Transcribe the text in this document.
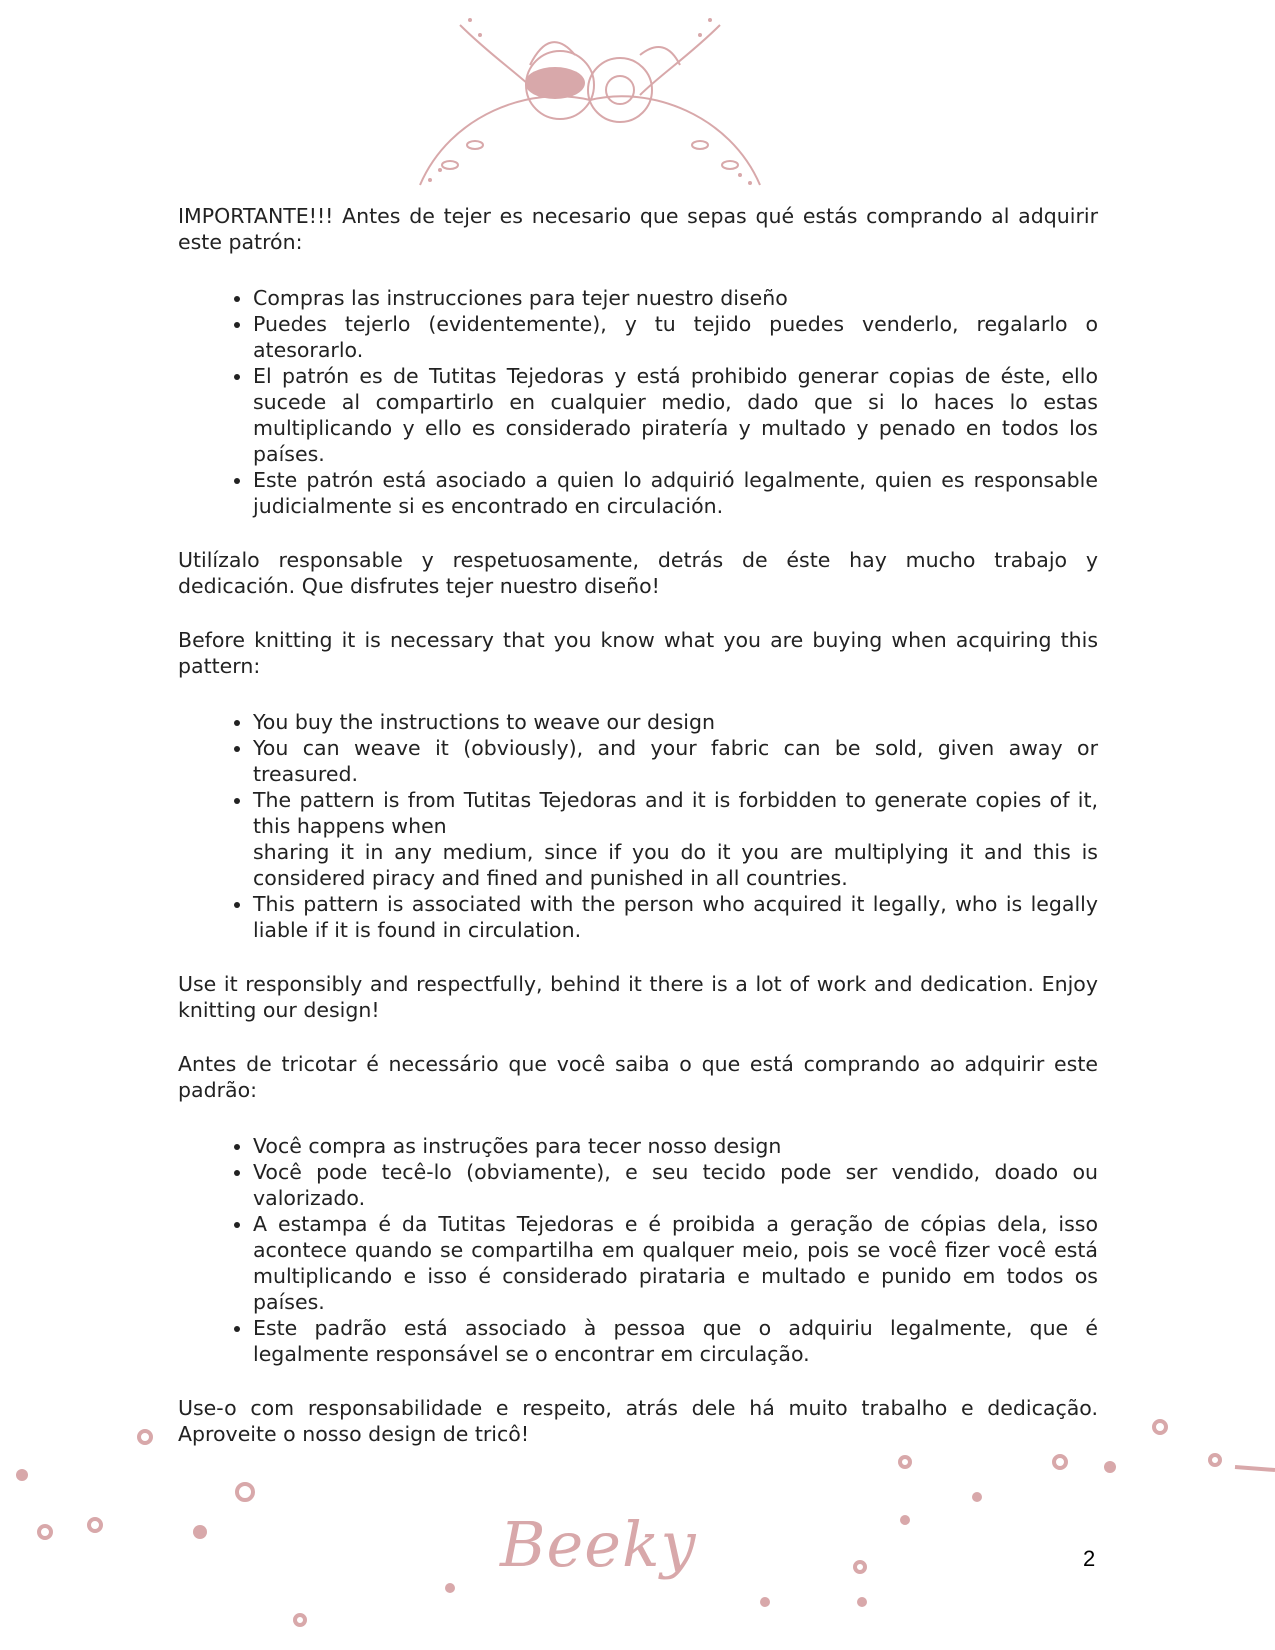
IMPORTANTE!!! Antes de tejer es necesario que sepas qué estás comprando al adquirir este patrón:

• Compras las instrucciones para tejer nuestro diseño
• Puedes tejerlo (evidentemente), y tu tejido puedes venderlo, regalarlo o atesorarlo.
• El patrón es de Tutitas Tejedoras y está prohibido generar copias de éste, ello sucede al compartirlo en cualquier medio, dado que si lo haces lo estas multiplicando y ello es considerado piratería y multado y penado en todos los países.
• Este patrón está asociado a quien lo adquirió legalmente, quien es responsable judicialmente si es encontrado en circulación.

Utilízalo responsable y respetuosamente, detrás de éste hay mucho trabajo y dedicación. Que disfrutes tejer nuestro diseño!

Before knitting it is necessary that you know what you are buying when acquiring this pattern:

• You buy the instructions to weave our design
• You can weave it (obviously), and your fabric can be sold, given away or treasured.
• The pattern is from Tutitas Tejedoras and it is forbidden to generate copies of it, this happens when
sharing it in any medium, since if you do it you are multiplying it and this is considered piracy and fined and punished in all countries.
• This pattern is associated with the person who acquired it legally, who is legally liable if it is found in circulation.

Use it responsibly and respectfully, behind it there is a lot of work and dedication. Enjoy knitting our design!

Antes de tricotar é necessário que você saiba o que está comprando ao adquirir este padrão:

• Você compra as instruções para tecer nosso design
• Você pode tecê-lo (obviamente), e seu tecido pode ser vendido, doado ou valorizado.
• A estampa é da Tutitas Tejedoras e é proibida a geração de cópias dela, isso acontece quando se compartilha em qualquer meio, pois se você fizer você está multiplicando e isso é considerado pirataria e multado e punido em todos os países.
• Este padrão está associado à pessoa que o adquiriu legalmente, que é legalmente responsável se o encontrar em circulação.

Use-o com responsabilidade e respeito, atrás dele há muito trabalho e dedicação. Aproveite o nosso design de tricô!

Beeky	2
